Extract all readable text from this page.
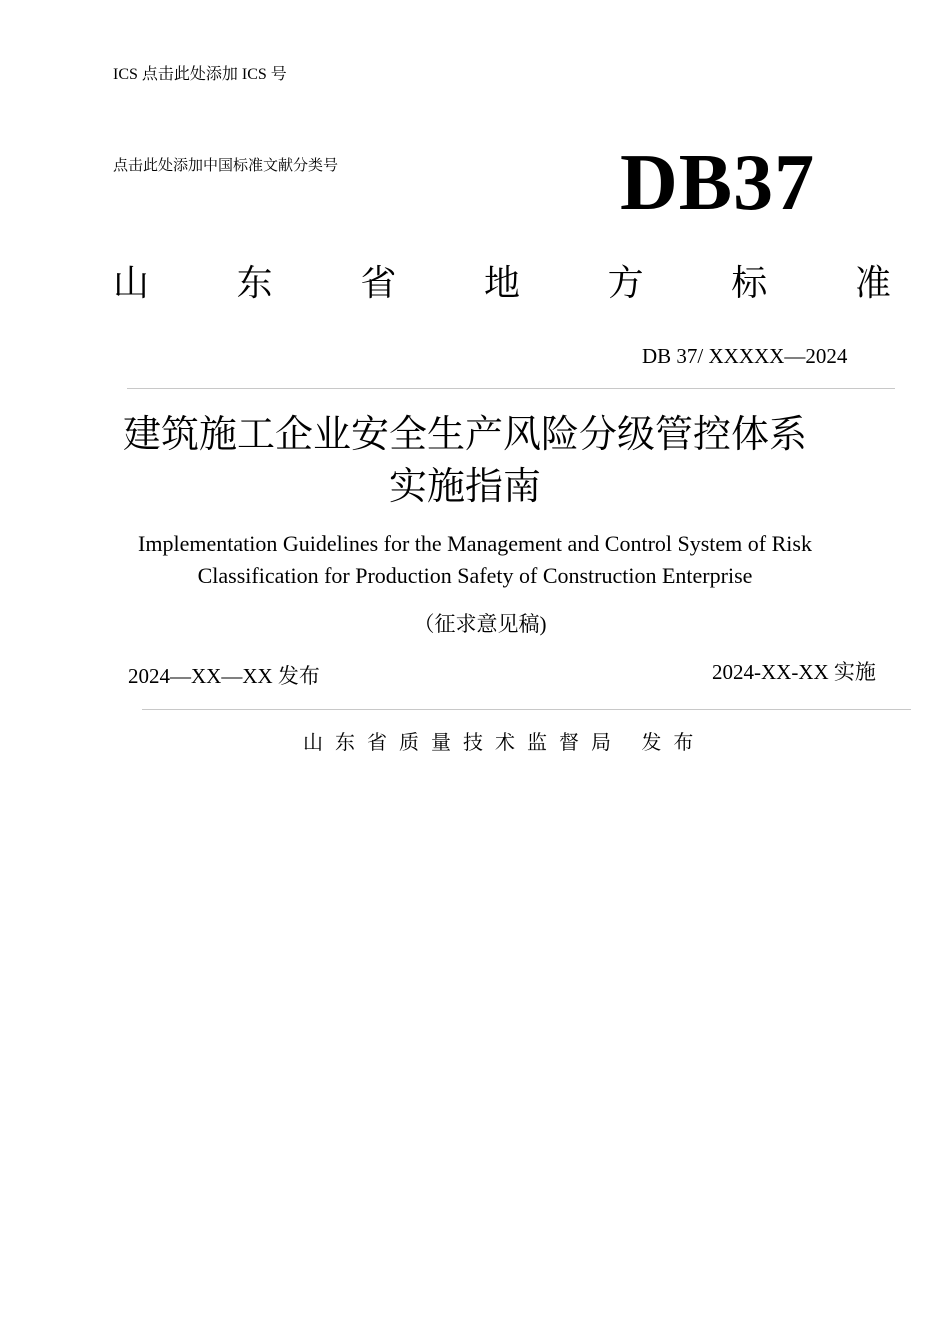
ICS 点击此处添加 ICS 号
点击此处添加中国标准文献分类号	DB37
山 东 省 地 方 标 准
DB 37/ XXXXX—2024
建筑施工企业安全生产风险分级管控体系
实施指南
Implementation Guidelines for the Management and Control System of Risk
Classification for Production Safety of Construction Enterprise
（征求意见稿)
2024—XX—XX 发布	2024-XX-XX 实施
山东省质量技术监督局 发布
